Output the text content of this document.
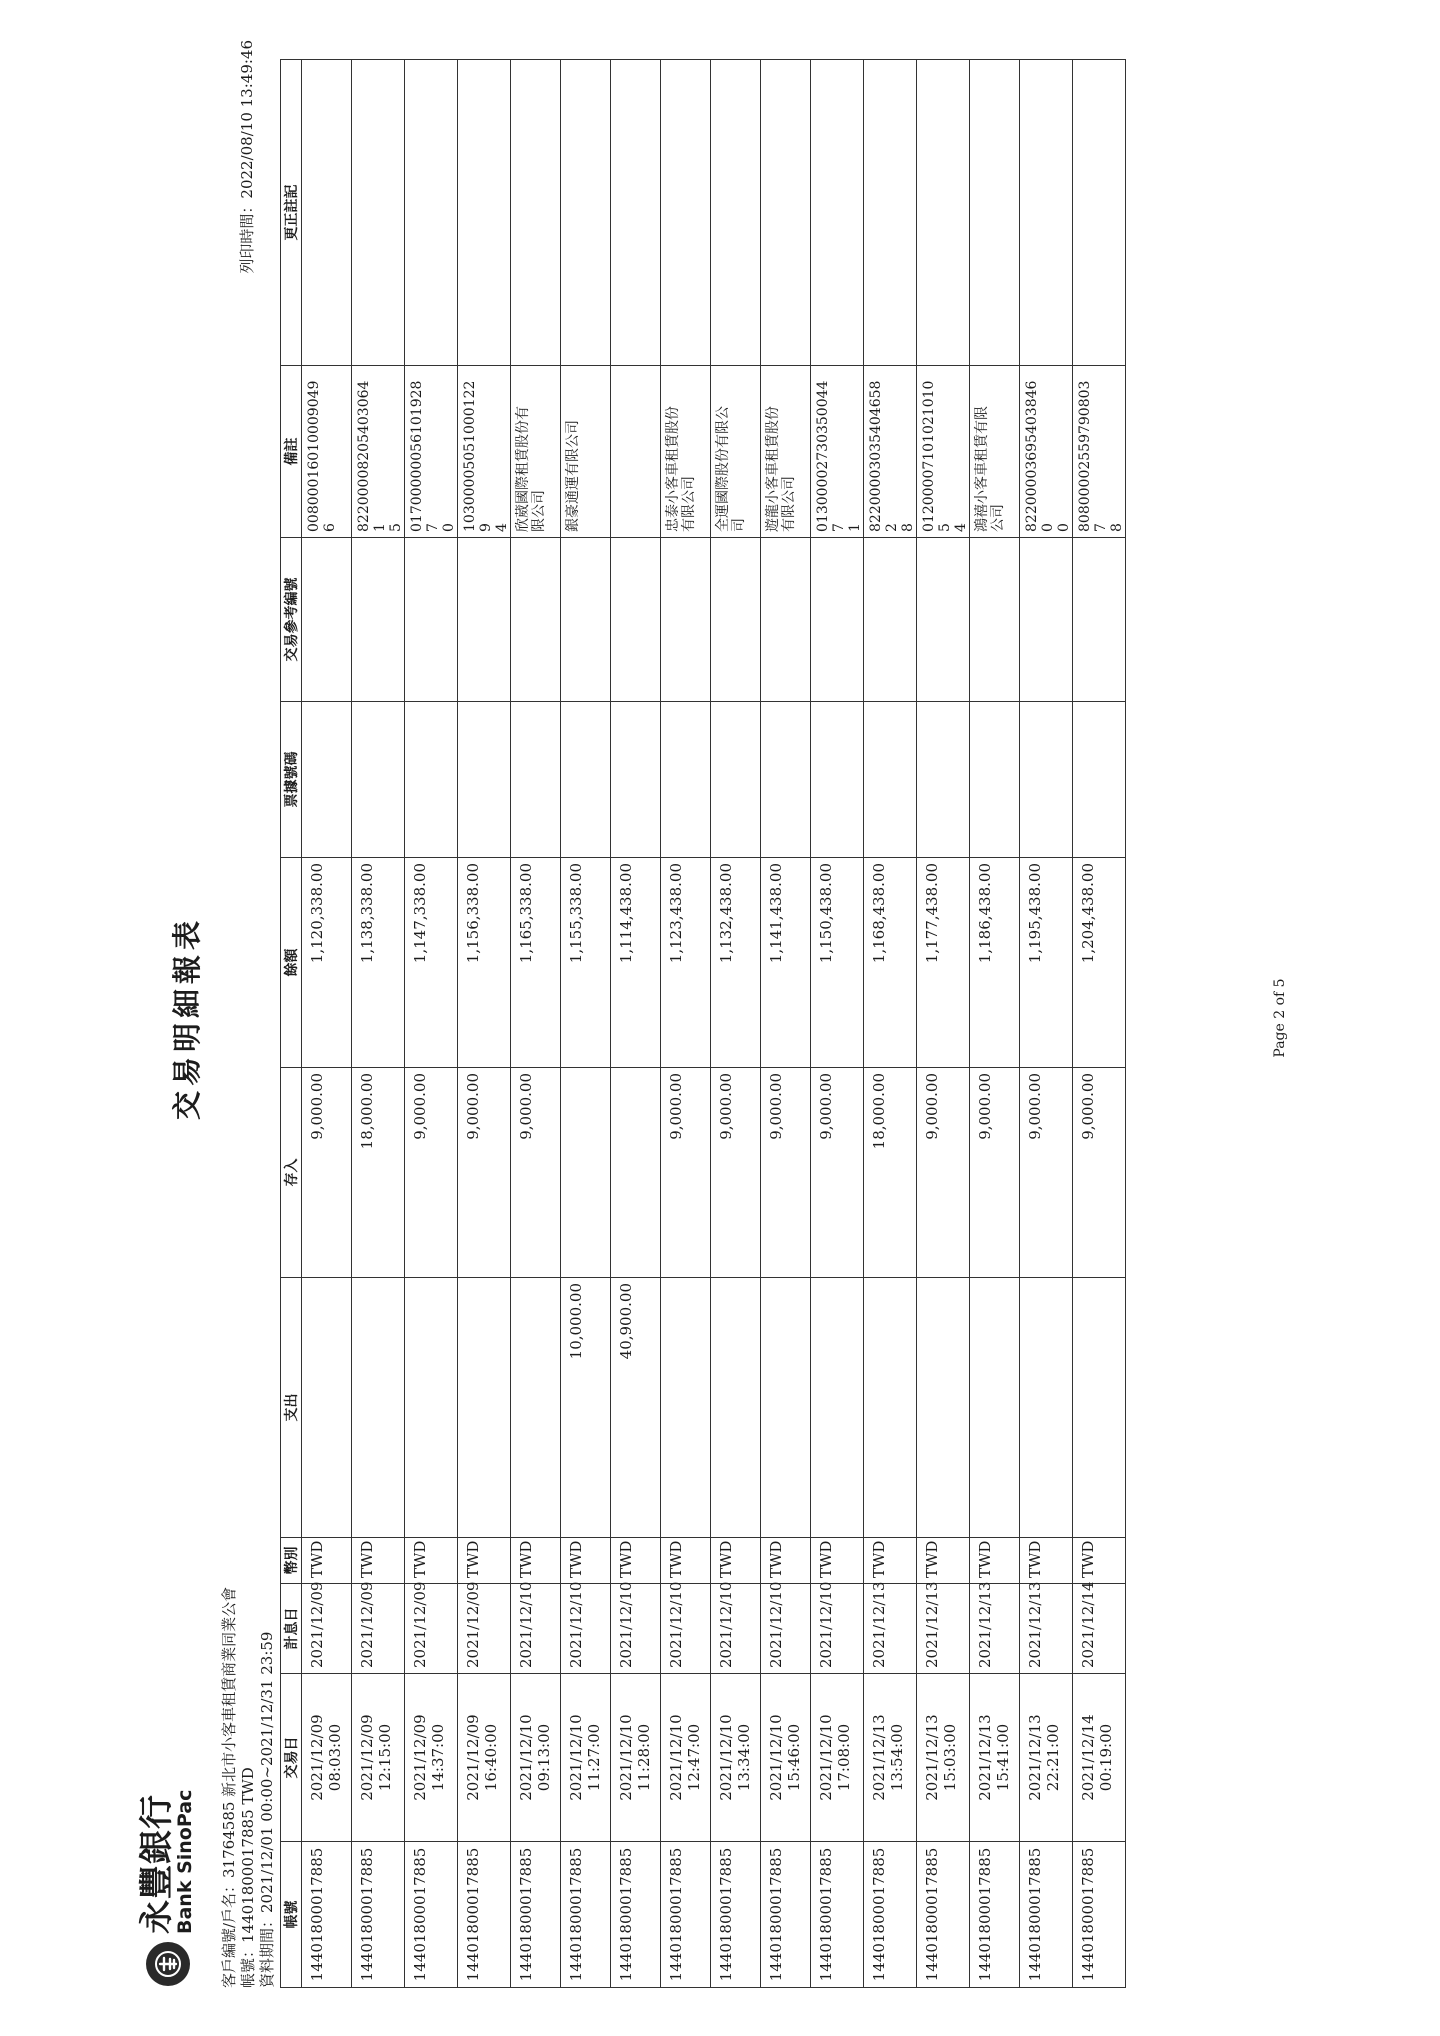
永豐銀行
Bank SinoPac
交易明細報表
列印時間：2022/08/10 13:49:46
客戶編號/戶名：31764585 新北市小客車租賃商業同業公會 帳號：14401800017885 TWD 資料期間：2021/12/01 00:00~2021/12/31 23:59 帳號	交易日	計息日	幣別	支出	存入	餘額	票據號碼	交易參考編號	備註	更正註記
14401800017885	2021/12/09 08:03:00	2021/12/09	TWD		9,000.00	1,120,338.00			00800016010009049
6	
14401800017885	2021/12/09 12:15:00	2021/12/09	TWD		18,000.00	1,138,338.00			82200008205403064 1
5	
14401800017885	2021/12/09 14:37:00	2021/12/09	TWD		9,000.00	1,147,338.00			01700000056101928 7
0	
14401800017885	2021/12/09 16:40:00	2021/12/09	TWD		9,000.00	1,156,338.00			10300005051000122 9
4	
14401800017885	2021/12/10 09:13:00	2021/12/10	TWD		9,000.00	1,165,338.00			欣葳國際租賃股份有
限公司	
14401800017885	2021/12/10 11:27:00	2021/12/10	TWD	10,000.00		1,155,338.00			銀豪通運有限公司	
14401800017885	2021/12/10 11:28:00	2021/12/10	TWD	40,900.00		1,114,438.00				
14401800017885	2021/12/10 12:47:00	2021/12/10	TWD		9,000.00	1,123,438.00			忠泰小客車租賃股份
有限公司	
14401800017885	2021/12/10 13:34:00	2021/12/10	TWD		9,000.00	1,132,438.00			全運國際股份有限公
司	
14401800017885	2021/12/10 15:46:00	2021/12/10	TWD		9,000.00	1,141,438.00			遊龍小客車租賃股份
有限公司	
14401800017885	2021/12/10 17:08:00	2021/12/10	TWD		9,000.00	1,150,438.00			01300002730350044 7
1	
14401800017885	2021/12/13 13:54:00	2021/12/13	TWD		18,000.00	1,168,438.00			82200003035404658 2
8	
14401800017885	2021/12/13 15:03:00	2021/12/13	TWD		9,000.00	1,177,438.00			01200007101021010 5
4	
14401800017885	2021/12/13 15:41:00	2021/12/13	TWD		9,000.00	1,186,438.00			鴻禧小客車租賃有限
公司	
14401800017885	2021/12/13 22:21:00	2021/12/13	TWD		9,000.00	1,195,438.00			82200003695403846 0
0	
14401800017885	2021/12/14 00:19:00	2021/12/14	TWD		9,000.00	1,204,438.00			80800002559790803 7
8	
Page 2 of 5
